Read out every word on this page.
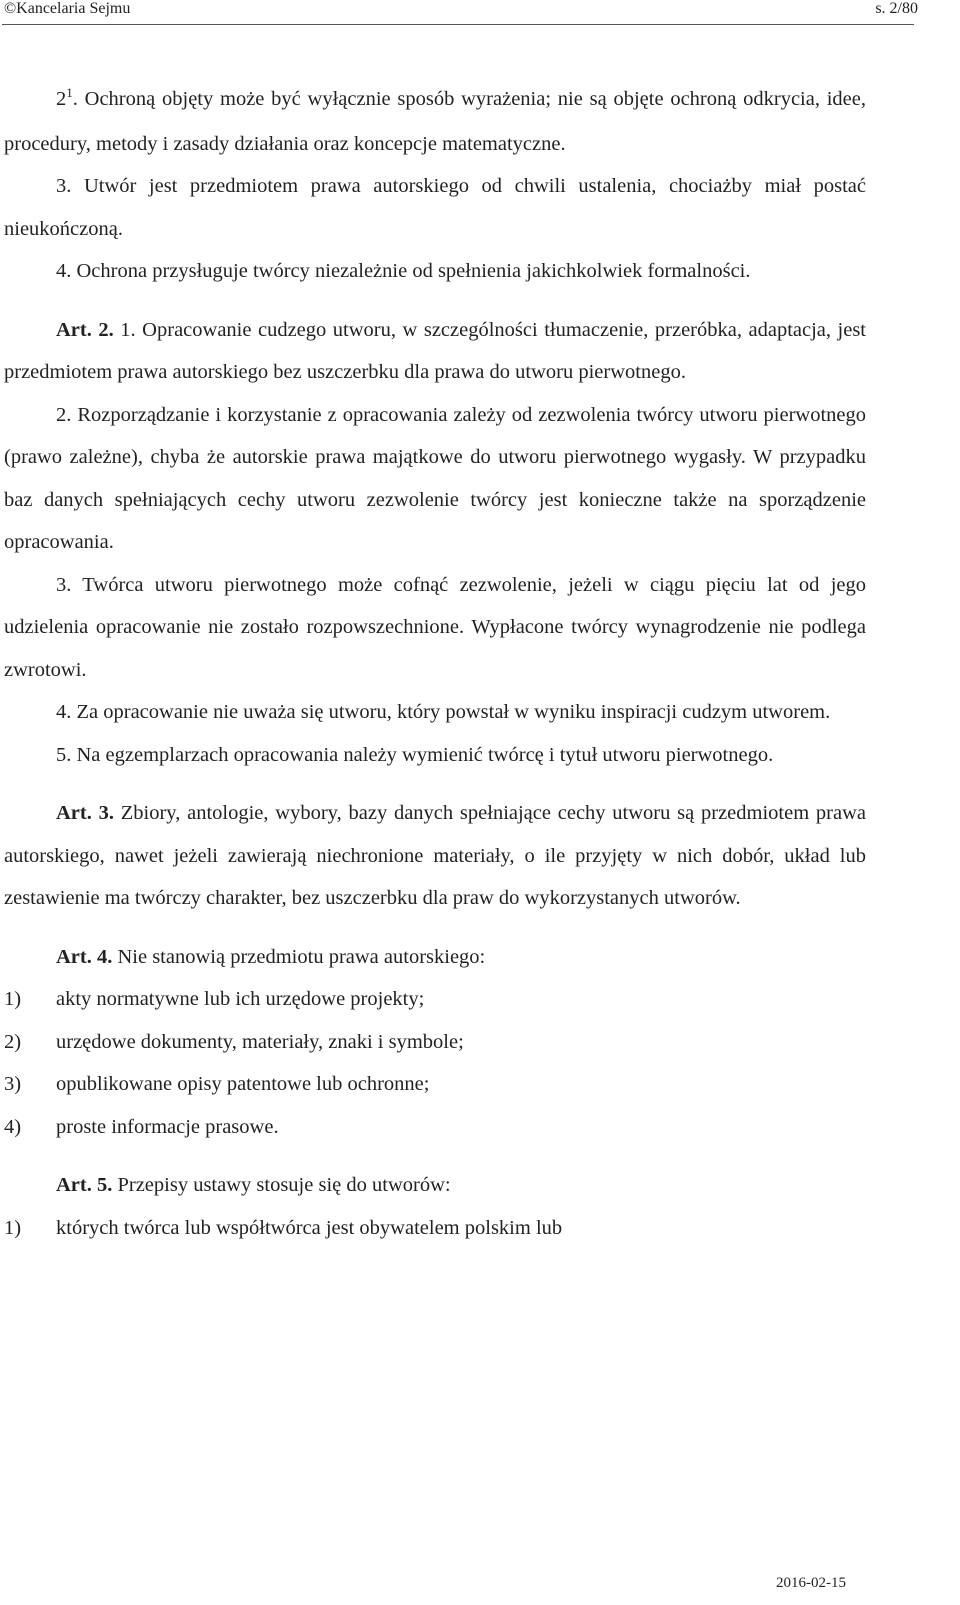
©Kancelaria Sejmu	s. 2/80

$2^1$. Ochroną objęty może być wyłącznie sposób wyrażenia; nie są objęte ochroną odkrycia, idee, procedury, metody i zasady działania oraz koncepcje matematyczne.

3. Utwór jest przedmiotem prawa autorskiego od chwili ustalenia, chociażby miał postać nieukończoną.

4. Ochrona przysługuje twórcy niezależnie od spełnienia jakichkolwiek formalności.

Art. 2. 1. Opracowanie cudzego utworu, w szczególności tłumaczenie, przeróbka, adaptacja, jest przedmiotem prawa autorskiego bez uszczerbku dla prawa do utworu pierwotnego.

2. Rozporządzanie i korzystanie z opracowania zależy od zezwolenia twórcy utworu pierwotnego (prawo zależne), chyba że autorskie prawa majątkowe do utworu pierwotnego wygasły. W przypadku baz danych spełniających cechy utworu zezwolenie twórcy jest konieczne także na sporządzenie opracowania.

3. Twórca utworu pierwotnego może cofnąć zezwolenie, jeżeli w ciągu pięciu lat od jego udzielenia opracowanie nie zostało rozpowszechnione. Wypłacone twórcy wynagrodzenie nie podlega zwrotowi.

4. Za opracowanie nie uważa się utworu, który powstał w wyniku inspiracji cudzym utworem.

5. Na egzemplarzach opracowania należy wymienić twórcę i tytuł utworu pierwotnego.

Art. 3. Zbiory, antologie, wybory, bazy danych spełniające cechy utworu są przedmiotem prawa autorskiego, nawet jeżeli zawierają niechronione materiały, o ile przyjęty w nich dobór, układ lub zestawienie ma twórczy charakter, bez uszczerbku dla praw do wykorzystanych utworów.

Art. 4. Nie stanowią przedmiotu prawa autorskiego:

1)	akty normatywne lub ich urzędowe projekty;
2)	urzędowe dokumenty, materiały, znaki i symbole;
3)	opublikowane opisy patentowe lub ochronne;
4)	proste informacje prasowe.

Art. 5. Przepisy ustawy stosuje się do utworów:

1)	których twórca lub współtwórca jest obywatelem polskim lub
2016-02-15
